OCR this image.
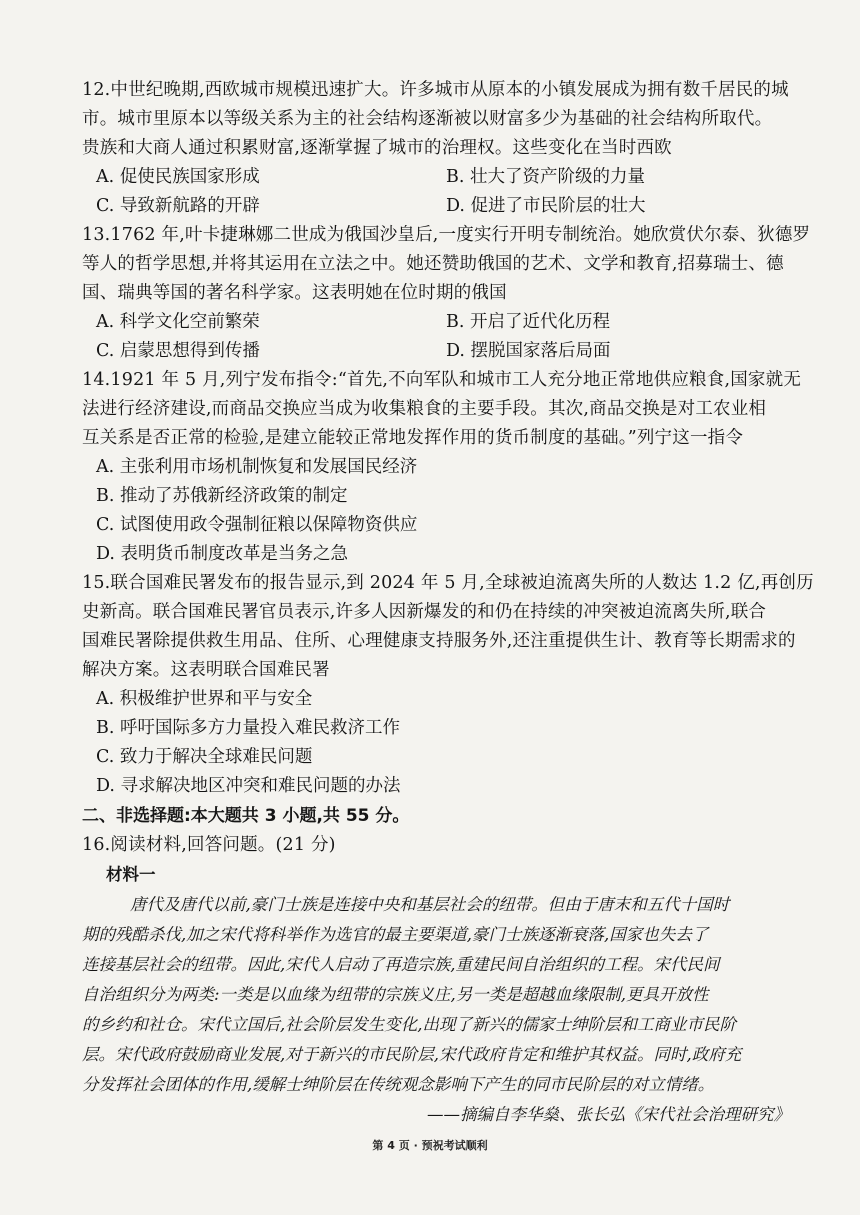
12.中世纪晚期,西欧城市规模迅速扩大。许多城市从原本的小镇发展成为拥有数千居民的城
市。城市里原本以等级关系为主的社会结构逐渐被以财富多少为基础的社会结构所取代。
贵族和大商人通过积累财富,逐渐掌握了城市的治理权。这些变化在当时西欧
A. 促使民族国家形成	B. 壮大了资产阶级的力量
C. 导致新航路的开辟	D. 促进了市民阶层的壮大
13.1762 年,叶卡捷琳娜二世成为俄国沙皇后,一度实行开明专制统治。她欣赏伏尔泰、狄德罗
等人的哲学思想,并将其运用在立法之中。她还赞助俄国的艺术、文学和教育,招募瑞士、德
国、瑞典等国的著名科学家。这表明她在位时期的俄国
A. 科学文化空前繁荣	B. 开启了近代化历程
C. 启蒙思想得到传播	D. 摆脱国家落后局面
14.1921 年 5 月,列宁发布指令:“首先,不向军队和城市工人充分地正常地供应粮食,国家就无
法进行经济建设,而商品交换应当成为收集粮食的主要手段。其次,商品交换是对工农业相
互关系是否正常的检验,是建立能较正常地发挥作用的货币制度的基础。”列宁这一指令
A. 主张利用市场机制恢复和发展国民经济
B. 推动了苏俄新经济政策的制定
C. 试图使用政令强制征粮以保障物资供应
D. 表明货币制度改革是当务之急
15.联合国难民署发布的报告显示,到 2024 年 5 月,全球被迫流离失所的人数达 1.2 亿,再创历
史新高。联合国难民署官员表示,许多人因新爆发的和仍在持续的冲突被迫流离失所,联合
国难民署除提供救生用品、住所、心理健康支持服务外,还注重提供生计、教育等长期需求的
解决方案。这表明联合国难民署
A. 积极维护世界和平与安全
B. 呼吁国际多方力量投入难民救济工作
C. 致力于解决全球难民问题
D. 寻求解决地区冲突和难民问题的办法
二、非选择题:本大题共 3 小题,共 55 分。
16.阅读材料,回答问题。(21 分)
材料一
唐代及唐代以前,豪门士族是连接中央和基层社会的纽带。但由于唐末和五代十国时
期的残酷杀伐,加之宋代将科举作为选官的最主要渠道,豪门士族逐渐衰落,国家也失去了
连接基层社会的纽带。因此,宋代人启动了再造宗族,重建民间自治组织的工程。宋代民间
自治组织分为两类:一类是以血缘为纽带的宗族义庄,另一类是超越血缘限制,更具开放性
的乡约和社仓。宋代立国后,社会阶层发生变化,出现了新兴的儒家士绅阶层和工商业市民阶
层。宋代政府鼓励商业发展,对于新兴的市民阶层,宋代政府肯定和维护其权益。同时,政府充
分发挥社会团体的作用,缓解士绅阶层在传统观念影响下产生的同市民阶层的对立情绪。
——摘编自李华燊、张长弘《宋代社会治理研究》
第 4 页 · 预祝考试顺利
